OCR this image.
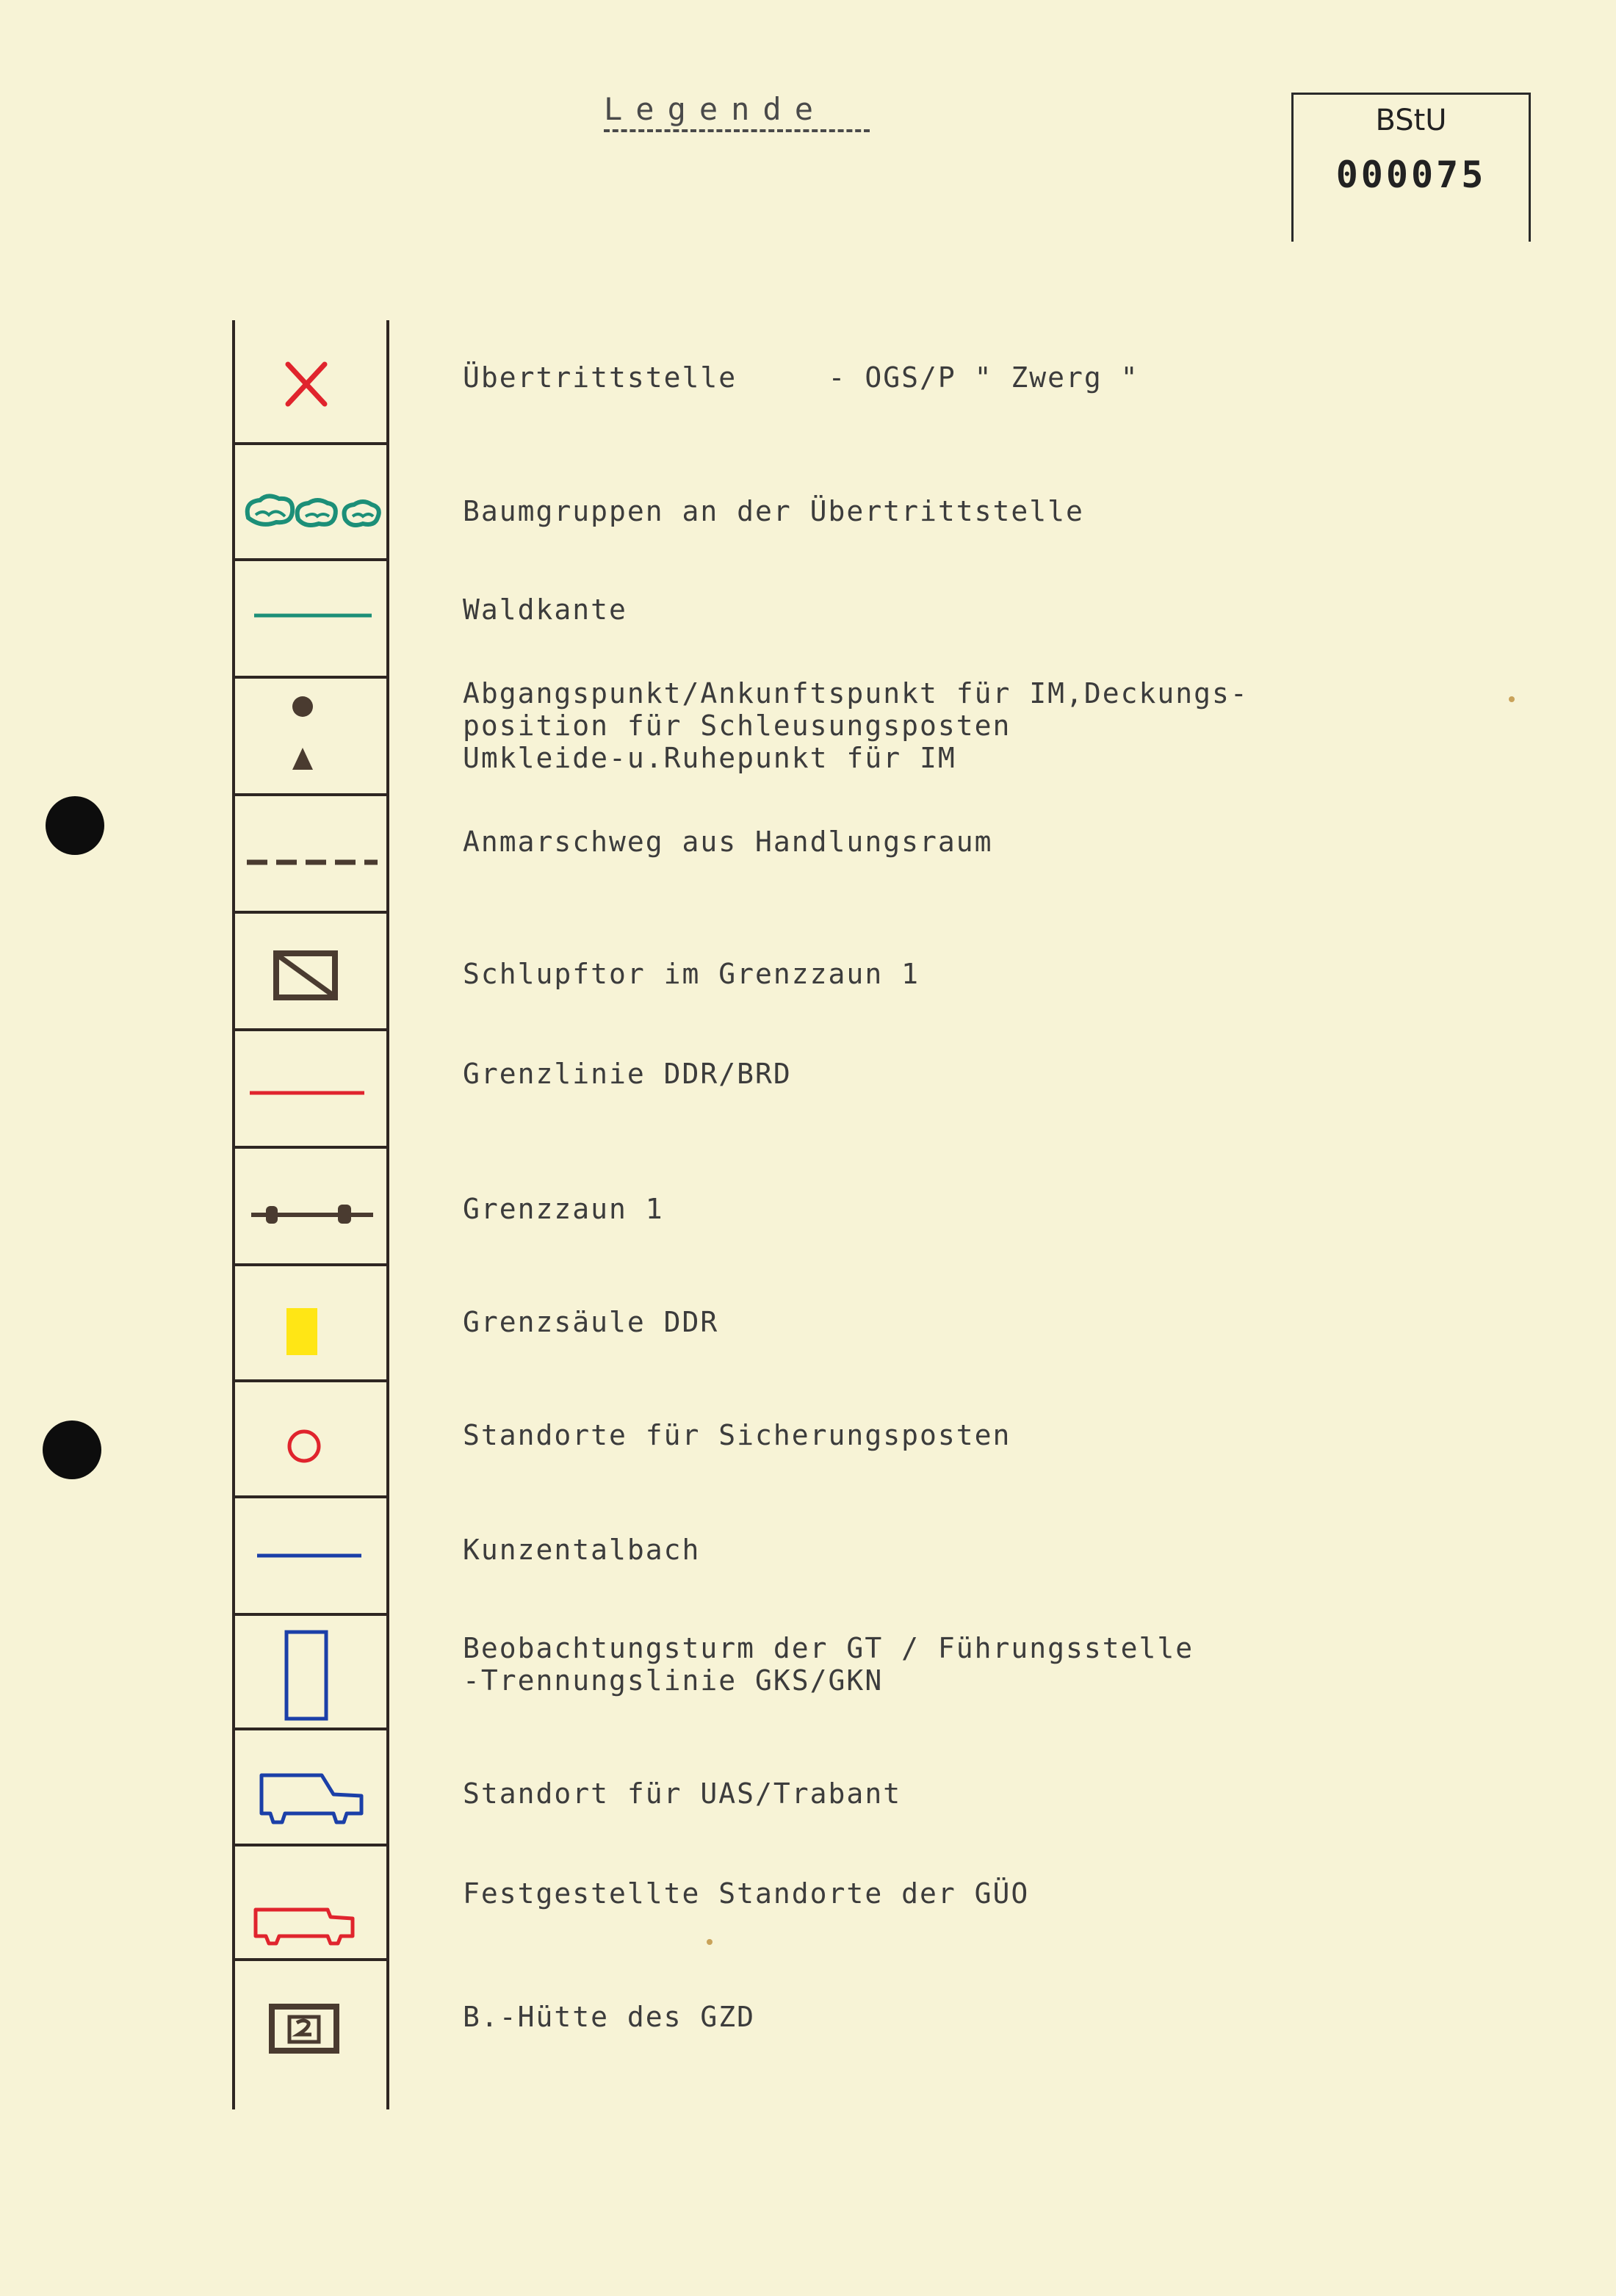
Legende	BStU
000075
Übertrittstelle     - OGS/P " Zwerg "
Baumgruppen an der Übertrittstelle
Waldkante
Abgangspunkt/Ankunftspunkt für IM,Deckungs-
position für Schleusungsposten
Umkleide-u.Ruhepunkt für IM
Anmarschweg aus Handlungsraum
Schlupftor im Grenzzaun 1
Grenzlinie DDR/BRD
Grenzzaun 1
Grenzsäule DDR
Standorte für Sicherungsposten
Kunzentalbach
Beobachtungsturm der GT / Führungsstelle
-Trennungslinie GKS/GKN
Standort für UAS/Trabant
Festgestellte Standorte der GÜO
B.-Hütte des GZD
